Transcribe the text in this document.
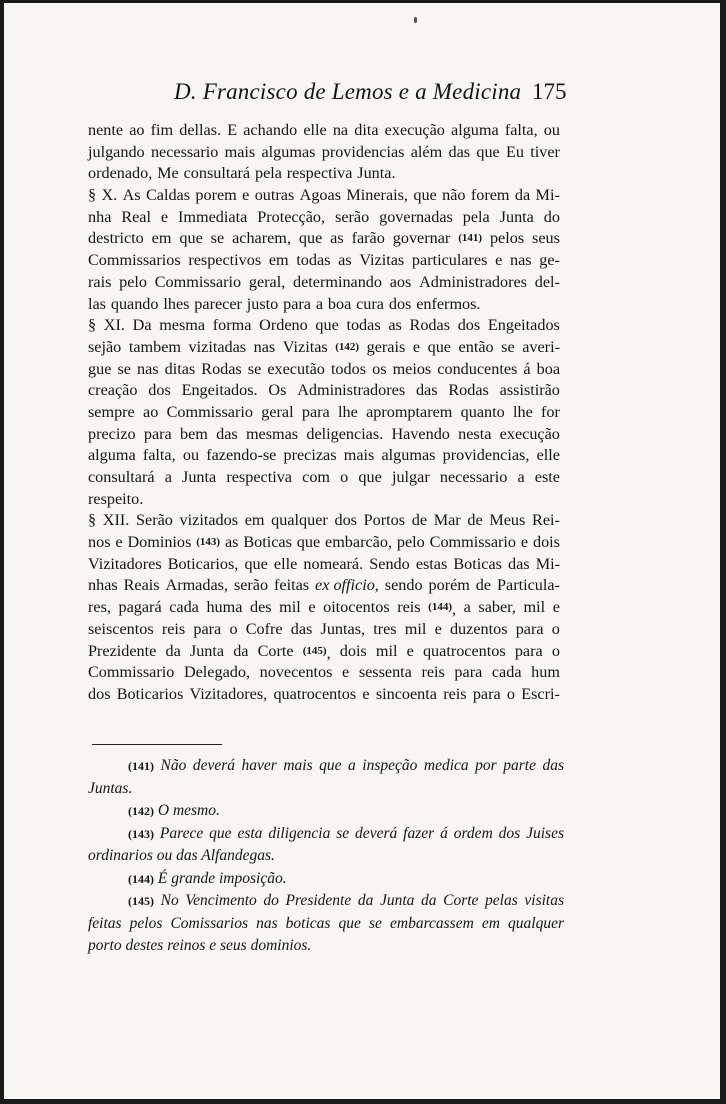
D. Francisco de Lemos e a Medicina 175
nente ao fim dellas. E achando elle na dita execução alguma falta, ou
julgando necessario mais algumas providencias além das que Eu tiver
ordenado, Me consultará pela respectiva Junta.
§ X. As Caldas porem e outras Agoas Minerais, que não forem da Mi-
nha Real e Immediata Protecção, serão governadas pela Junta do
destricto em que se acharem, que as farão governar $^{(141)}$ pelos seus
Commissarios respectivos em todas as Vizitas particulares e nas ge-
rais pelo Commissario geral, determinando aos Administradores del-
las quando lhes parecer justo para a boa cura dos enfermos.
§ XI. Da mesma forma Ordeno que todas as Rodas dos Engeitados
sejão tambem vizitadas nas Vizitas $^{(142)}$ gerais e que então se averi-
gue se nas ditas Rodas se executão todos os meios conducentes á boa
creação dos Engeitados. Os Administradores das Rodas assistirão
sempre ao Commissario geral para lhe apromptarem quanto lhe for
precizo para bem das mesmas deligencias. Havendo nesta execução
alguma falta, ou fazendo-se precizas mais algumas providencias, elle
consultará a Junta respectiva com o que julgar necessario a este
respeito.
§ XII. Serão vizitados em qualquer dos Portos de Mar de Meus Rei-
nos e Dominios $^{(143)}$ as Boticas que embarcão, pelo Commissario e dois
Vizitadores Boticarios, que elle nomeará. Sendo estas Boticas das Mi-
nhas Reais Armadas, serão feitas ex officio, sendo porém de Particula-
res, pagará cada huma des mil e oitocentos reis $^{(144)}$, a saber, mil e
seiscentos reis para o Cofre das Juntas, tres mil e duzentos para o
Prezidente da Junta da Corte $^{(145)}$, dois mil e quatrocentos para o
Commissario Delegado, novecentos e sessenta reis para cada hum
dos Boticarios Vizitadores, quatrocentos e sincoenta reis para o Escri-
(141) Não deverá haver mais que a inspeção medica por parte das
Juntas.
(142) O mesmo.
(143) Parece que esta diligencia se deverá fazer á ordem dos Juises
ordinarios ou das Alfandegas.
(144) É grande imposição.
(145) No Vencimento do Presidente da Junta da Corte pelas visitas
feitas pelos Comissarios nas boticas que se embarcassem em qualquer
porto destes reinos e seus dominios.
